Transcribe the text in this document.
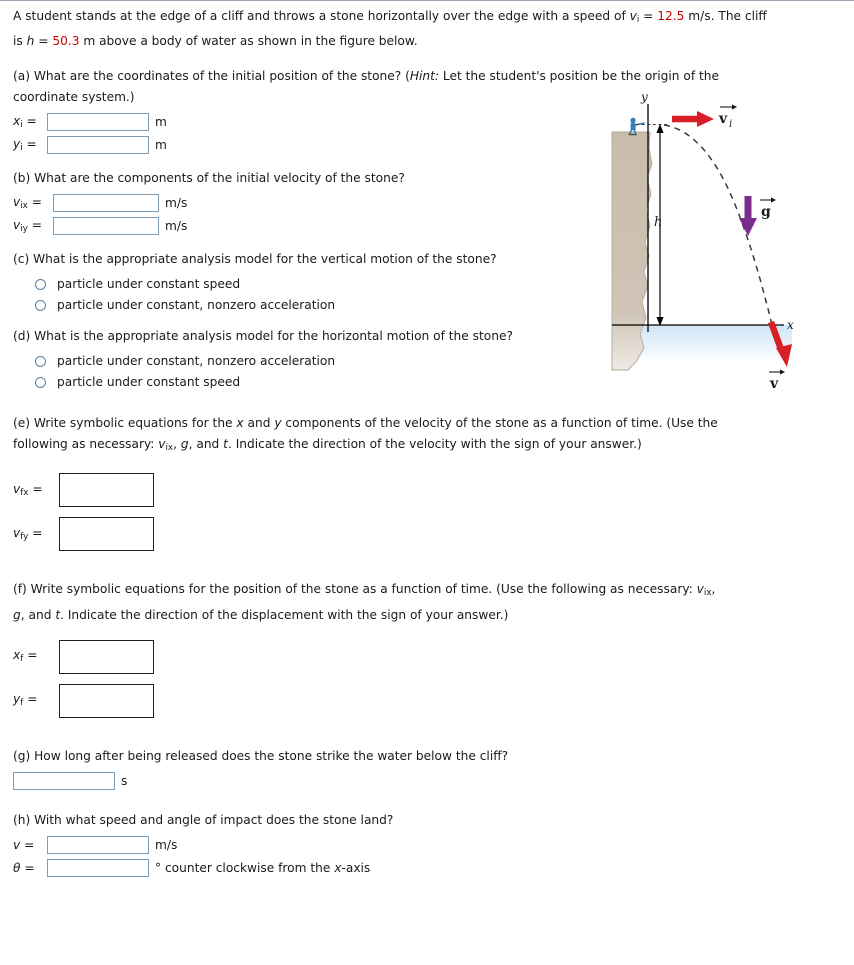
A student stands at the edge of a cliff and throws a stone horizontally over the edge with a speed of $v_i = 12.5$ m/s. The cliff
is h = 50.3 m above a body of water as shown in the figure below.

(a) What are the coordinates of the initial position of the stone? (Hint: Let the student's position be the origin of the
coordinate system.)

$x_i$ =	m
$y_i$ =	m

(b) What are the components of the initial velocity of the stone?

$v_{ix}$ =	m/s
$v_{iy}$ =	m/s

(c) What is the appropriate analysis model for the vertical motion of the stone?

particle under constant speed
particle under constant, nonzero acceleration

(d) What is the appropriate analysis model for the horizontal motion of the stone?

particle under constant, nonzero acceleration
particle under constant speed

(e) Write symbolic equations for the x and y components of the velocity of the stone as a function of time. (Use the
following as necessary: $v_{ix}$, g, and t. Indicate the direction of the velocity with the sign of your answer.)

$v_{fx}$ =
$v_{fy}$ =

(f) Write symbolic equations for the position of the stone as a function of time. (Use the following as necessary: $v_{ix}$,
g, and t. Indicate the direction of the displacement with the sign of your answer.)

$x_f$ =
$y_f$ =

(g) How long after being released does the stone strike the water below the cliff?

s

(h) With what speed and angle of impact does the stone land?

v =	m/s
θ =	° counter clockwise from the x-axis
y
x
h
v i
g
v
